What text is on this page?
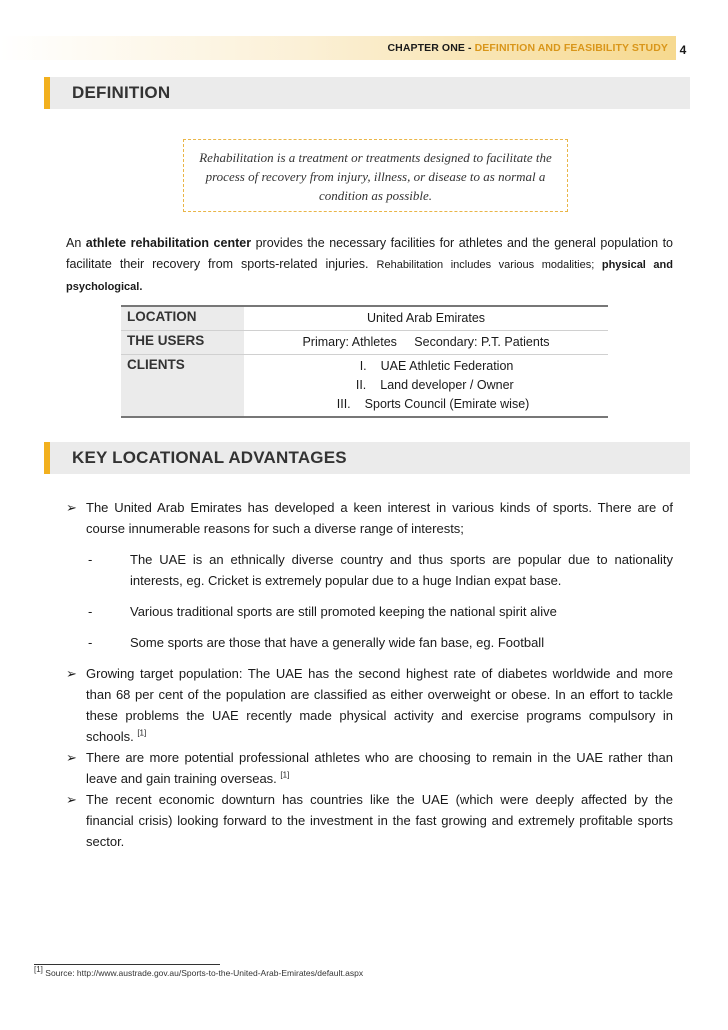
CHAPTER ONE - DEFINITION AND FEASIBILITY STUDY 4
DEFINITION
Rehabilitation is a treatment or treatments designed to facilitate the process of recovery from injury, illness, or disease to as normal a condition as possible.
An athlete rehabilitation center provides the necessary facilities for athletes and the general population to facilitate their recovery from sports-related injuries. Rehabilitation includes various modalities; physical and psychological.
LOCATION	United Arab Emirates
THE USERS	Primary: Athletes     Secondary: P.T. Patients
CLIENTS	I. UAE Athletic Federation
II. Land developer / Owner
III. Sports Council (Emirate wise)
KEY LOCATIONAL ADVANTAGES

➢ The United Arab Emirates has developed a keen interest in various kinds of sports. There are of course innumerable reasons for such a diverse range of interests;

-	The UAE is an ethnically diverse country and thus sports are popular due to nationality interests, eg. Cricket is extremely popular due to a huge Indian expat base.

-	Various traditional sports are still promoted keeping the national spirit alive

-	Some sports are those that have a generally wide fan base, eg. Football

➢ Growing target population: The UAE has the second highest rate of diabetes worldwide and more than 68 per cent of the population are classified as either overweight or obese. In an effort to tackle these problems the UAE recently made physical activity and exercise programs compulsory in schools. [1]

➢ There are more potential professional athletes who are choosing to remain in the UAE rather than leave and gain training overseas. [1]

➢ The recent economic downturn has countries like the UAE (which were deeply affected by the financial crisis) looking forward to the investment in the fast growing and extremely profitable sports sector.

[1] Source: http://www.austrade.gov.au/Sports-to-the-United-Arab-Emirates/default.aspx
